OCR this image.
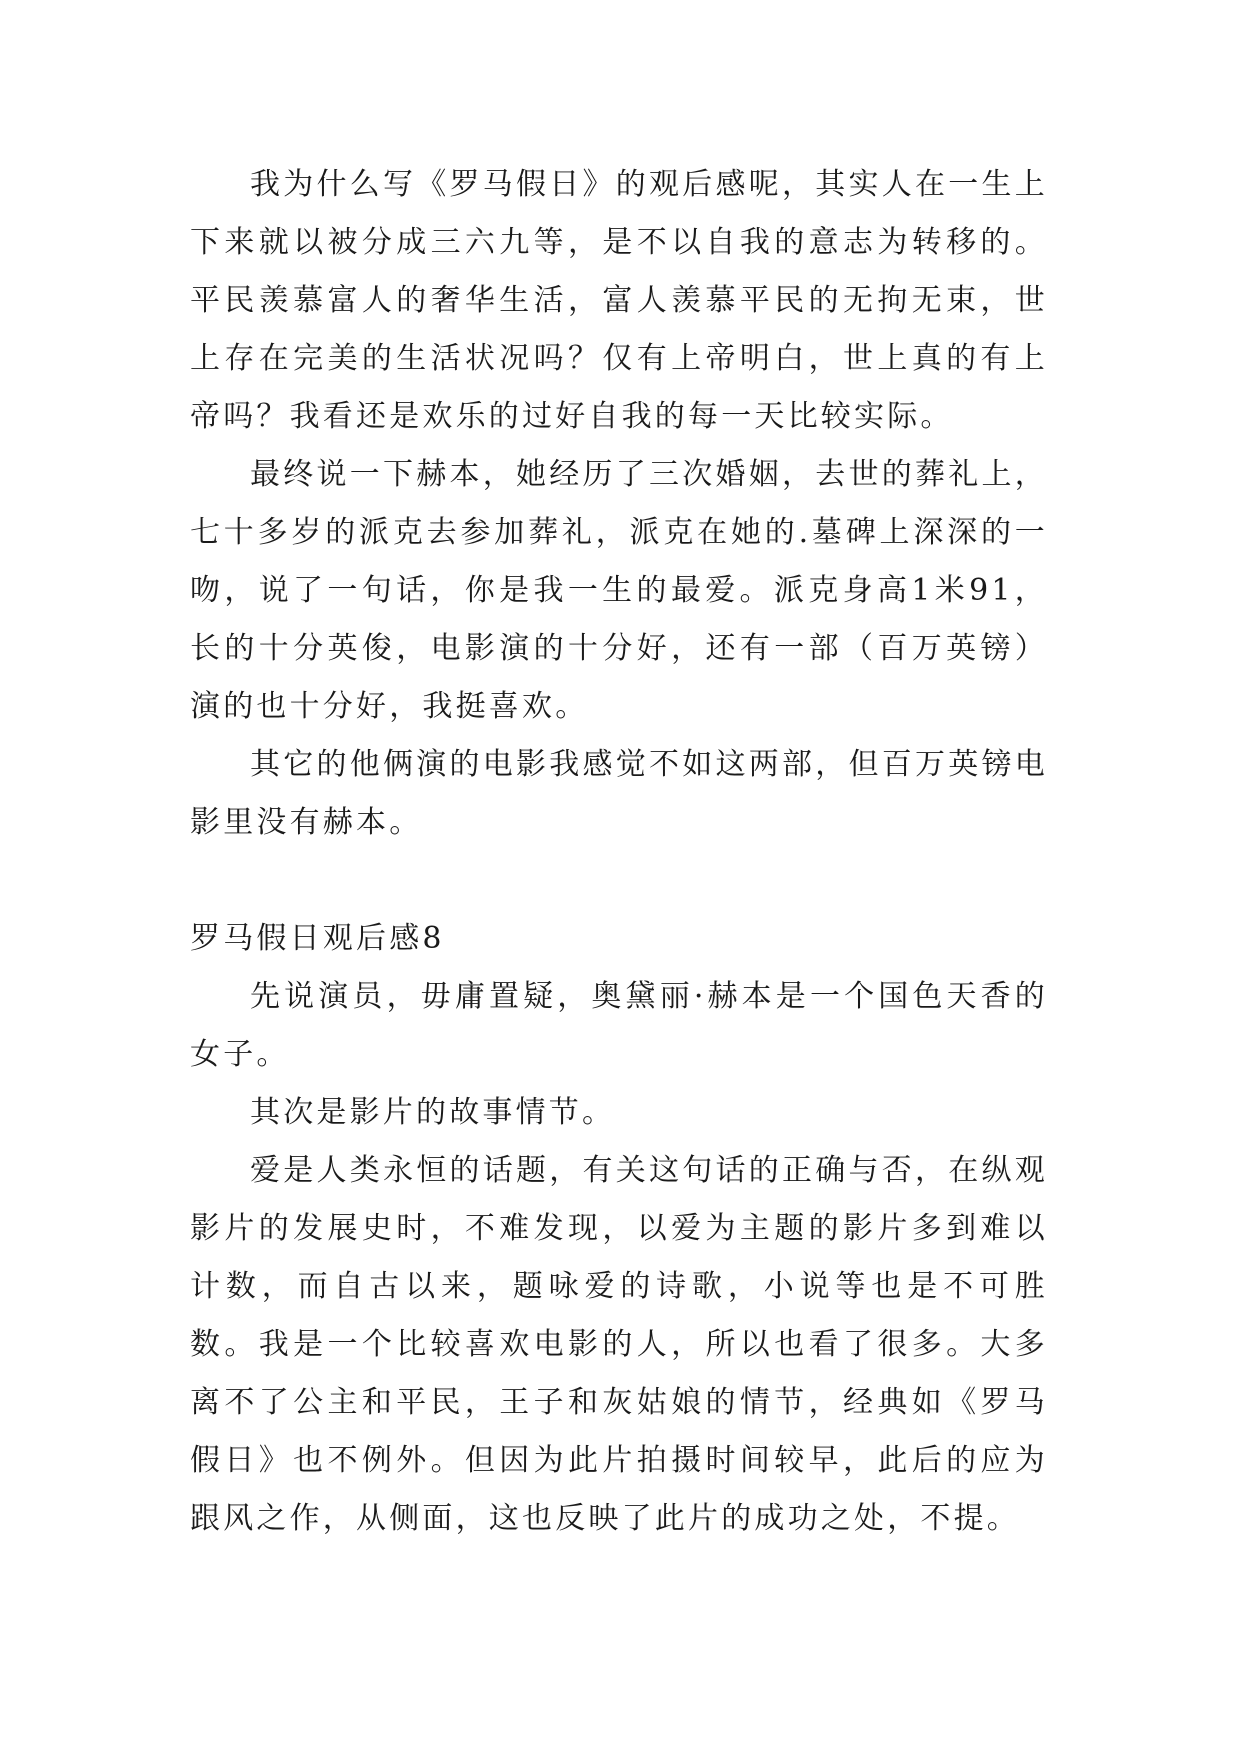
我为什么写《罗马假日》的观后感呢，其实人在一生上下来就以被分成三六九等，是不以自我的意志为转移的。平民羡慕富人的奢华生活，富人羡慕平民的无拘无束，世上存在完美的生活状况吗？仅有上帝明白，世上真的有上帝吗？我看还是欢乐的过好自我的每一天比较实际。

最终说一下赫本，她经历了三次婚姻，去世的葬礼上，七十多岁的派克去参加葬礼，派克在她的.墓碑上深深的一吻，说了一句话，你是我一生的最爱。派克身高1米91，长的十分英俊，电影演的十分好，还有一部（百万英镑）演的也十分好，我挺喜欢。

其它的他俩演的电影我感觉不如这两部，但百万英镑电影里没有赫本。

罗马假日观后感8

先说演员，毋庸置疑，奥黛丽·赫本是一个国色天香的女子。

其次是影片的故事情节。

爱是人类永恒的话题，有关这句话的正确与否，在纵观影片的发展史时，不难发现，以爱为主题的影片多到难以计数，而自古以来，题咏爱的诗歌，小说等也是不可胜数。我是一个比较喜欢电影的人，所以也看了很多。大多离不了公主和平民，王子和灰姑娘的情节，经典如《罗马假日》也不例外。但因为此片拍摄时间较早，此后的应为跟风之作，从侧面，这也反映了此片的成功之处，不提。
